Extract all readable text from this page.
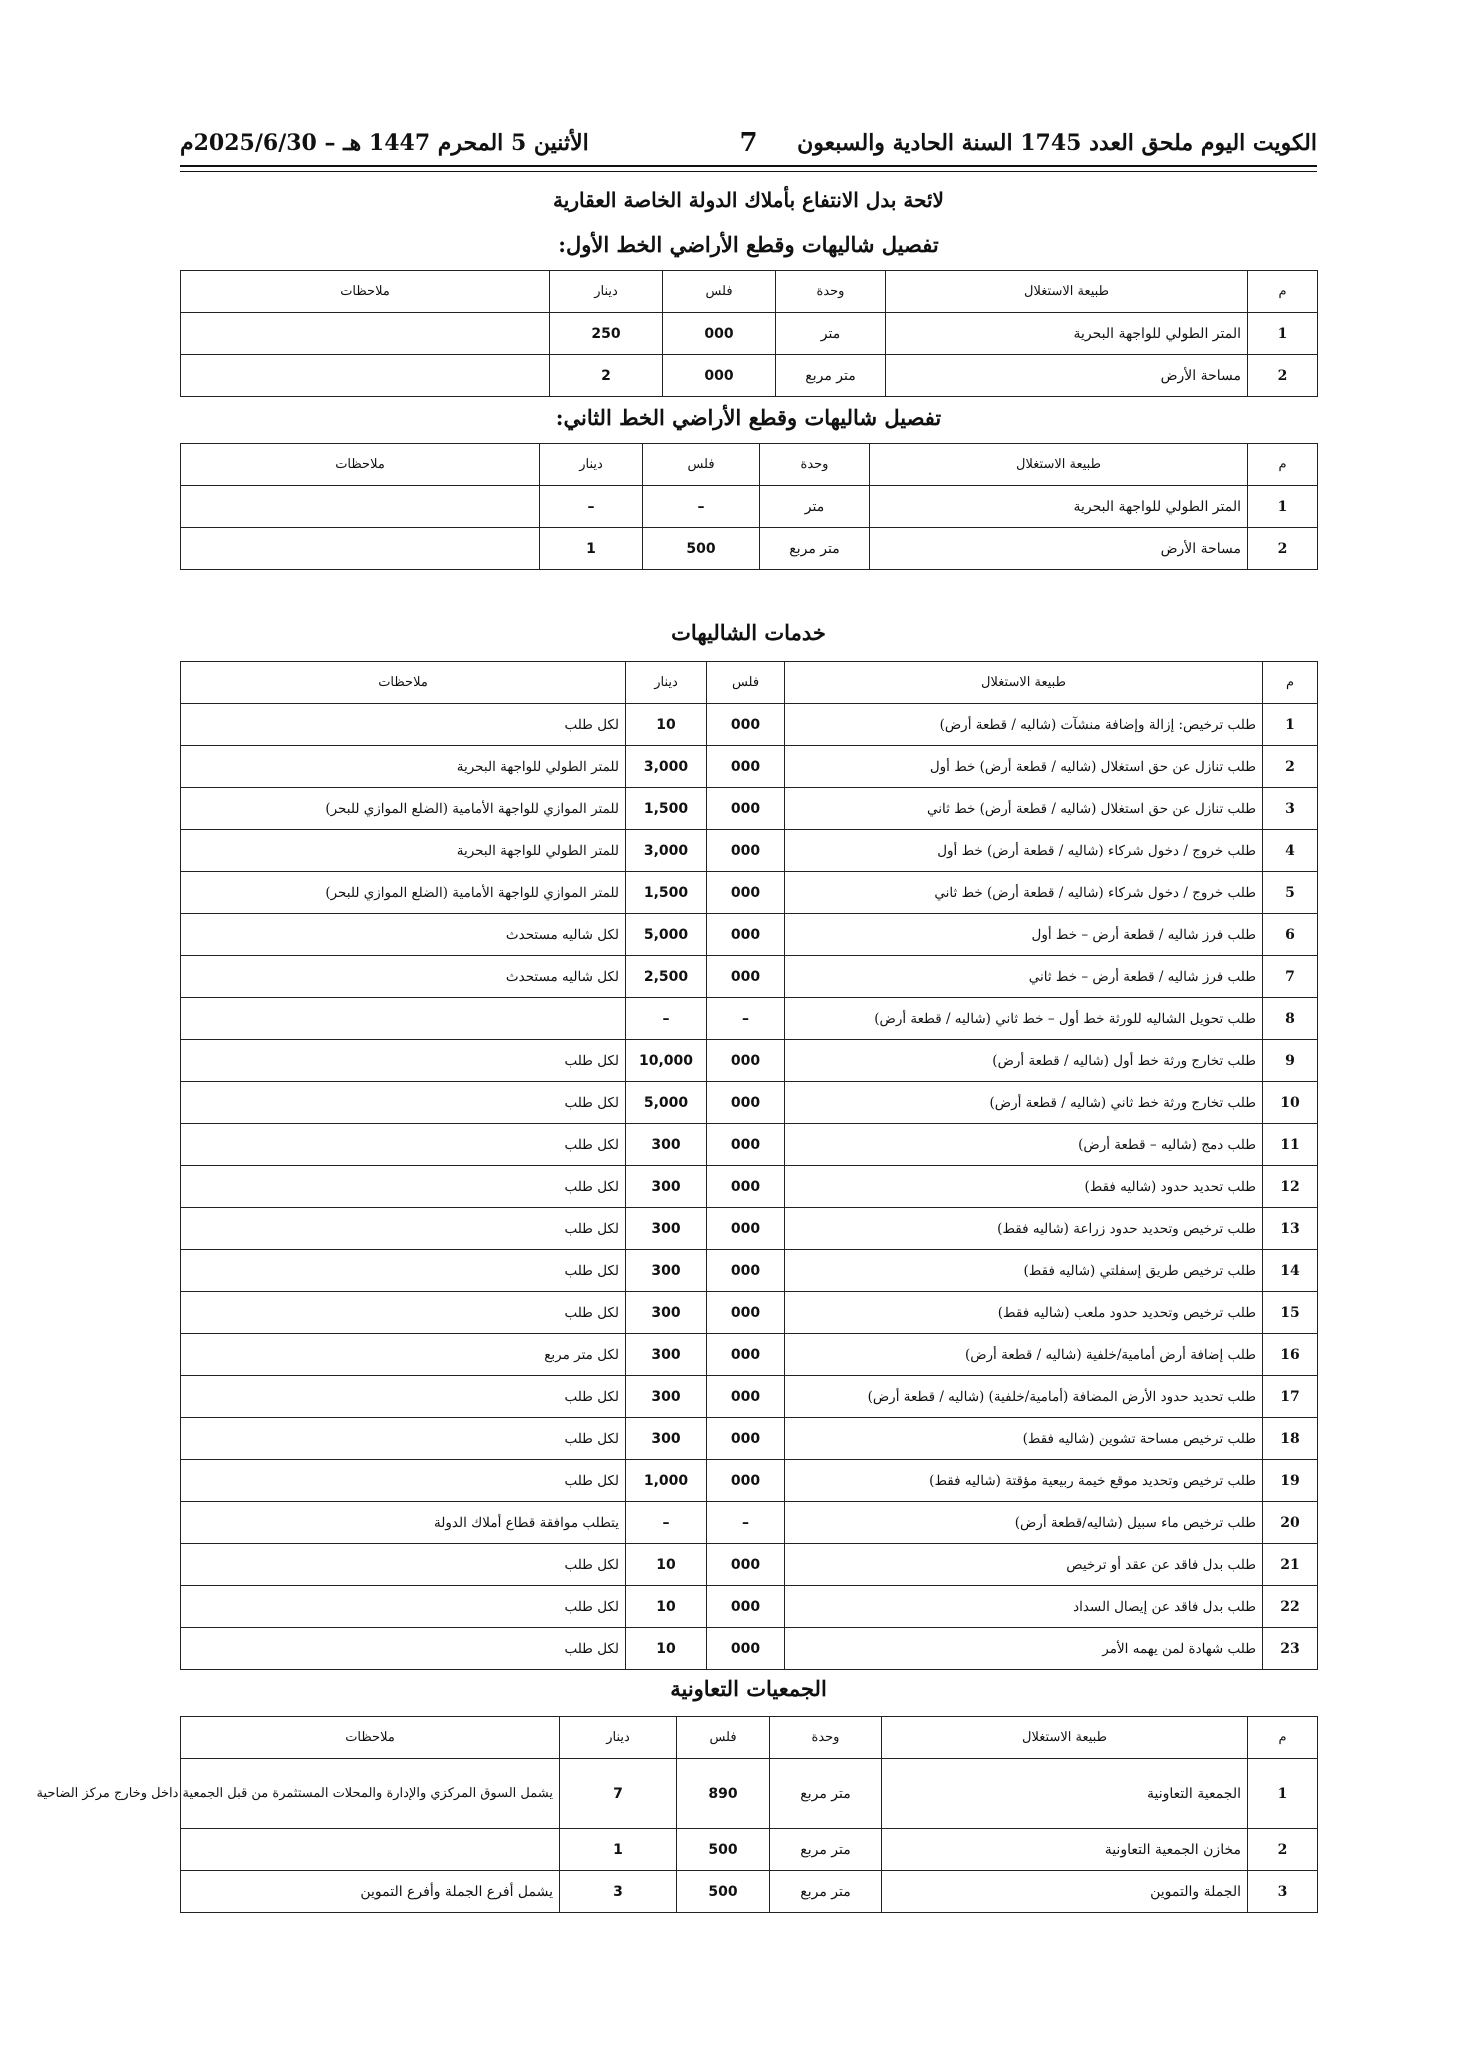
الكويت اليوم ملحق العدد 1745 السنة الحادية والسبعون
7
الأثنين 5 المحرم 1447 هـ – 2025/6/30م
لائحة بدل الانتفاع بأملاك الدولة الخاصة العقارية
تفصيل شاليهات وقطع الأراضي الخط الأول:
م	طبيعة الاستغلال	وحدة	فلس	دينار	ملاحظات
1	المتر الطولي للواجهة البحرية	متر	000	250	
2	مساحة الأرض	متر مربع	000	2	
تفصيل شاليهات وقطع الأراضي الخط الثاني:
م	طبيعة الاستغلال	وحدة	فلس	دينار	ملاحظات
1	المتر الطولي للواجهة البحرية	متر	–	–	
2	مساحة الأرض	متر مربع	500	1	
خدمات الشاليهات
م	طبيعة الاستغلال	فلس	دينار	ملاحظات
1	طلب ترخيص: إزالة وإضافة منشآت (شاليه / قطعة أرض)	000	10	لكل طلب
2	طلب تنازل عن حق استغلال (شاليه / قطعة أرض) خط أول	000	3,000	للمتر الطولي للواجهة البحرية
3	طلب تنازل عن حق استغلال (شاليه / قطعة أرض) خط ثاني	000	1,500	للمتر الموازي للواجهة الأمامية (الضلع الموازي للبحر)
4	طلب خروج / دخول شركاء (شاليه / قطعة أرض) خط أول	000	3,000	للمتر الطولي للواجهة البحرية
5	طلب خروج / دخول شركاء (شاليه / قطعة أرض) خط ثاني	000	1,500	للمتر الموازي للواجهة الأمامية (الضلع الموازي للبحر)
6	طلب فرز شاليه / قطعة أرض – خط أول	000	5,000	لكل شاليه مستحدث
7	طلب فرز شاليه / قطعة أرض – خط ثاني	000	2,500	لكل شاليه مستحدث
8	طلب تحويل الشاليه للورثة خط أول – خط ثاني (شاليه / قطعة أرض)	–	–	
9	طلب تخارج ورثة خط أول (شاليه / قطعة أرض)	000	10,000	لكل طلب
10	طلب تخارج ورثة خط ثاني (شاليه / قطعة أرض)	000	5,000	لكل طلب
11	طلب دمج (شاليه – قطعة أرض)	000	300	لكل طلب
12	طلب تحديد حدود (شاليه فقط)	000	300	لكل طلب
13	طلب ترخيص وتحديد حدود زراعة (شاليه فقط)	000	300	لكل طلب
14	طلب ترخيص طريق إسفلتي (شاليه فقط)	000	300	لكل طلب
15	طلب ترخيص وتحديد حدود ملعب (شاليه فقط)	000	300	لكل طلب
16	طلب إضافة أرض أمامية/خلفية (شاليه / قطعة أرض)	000	300	لكل متر مربع
17	طلب تحديد حدود الأرض المضافة (أمامية/خلفية) (شاليه / قطعة أرض)	000	300	لكل طلب
18	طلب ترخيص مساحة تشوين (شاليه فقط)	000	300	لكل طلب
19	طلب ترخيص وتحديد موقع خيمة ربيعية مؤقتة (شاليه فقط)	000	1,000	لكل طلب
20	طلب ترخيص ماء سبيل (شاليه/قطعة أرض)	–	–	يتطلب موافقة قطاع أملاك الدولة
21	طلب بدل فاقد عن عقد أو ترخيص	000	10	لكل طلب
22	طلب بدل فاقد عن إيصال السداد	000	10	لكل طلب
23	طلب شهادة لمن يهمه الأمر	000	10	لكل طلب
الجمعيات التعاونية
م	طبيعة الاستغلال	وحدة	فلس	دينار	ملاحظات
1	الجمعية التعاونية	متر مربع	890	7	يشمل السوق المركزي والإدارة والمحلات المستثمرة من قبل الجمعية داخل وخارج مركز الضاحية
2	مخازن الجمعية التعاونية	متر مربع	500	1	
3	الجملة والتموين	متر مربع	500	3	يشمل أفرع الجملة وأفرع التموين
